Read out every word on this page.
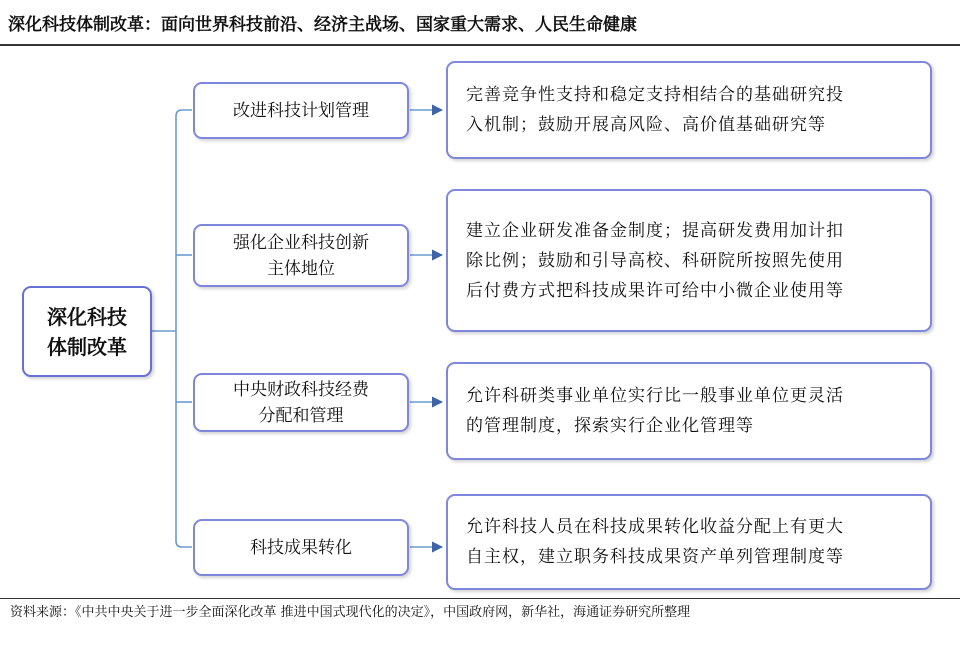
深化科技体制改革：面向世界科技前沿、经济主战场、国家重大需求、人民生命健康
深化科技
体制改革
改进科技计划管理
强化企业科技创新
主体地位
中央财政科技经费
分配和管理
科技成果转化
完善竞争性支持和稳定支持相结合的基础研究投
入机制；鼓励开展高风险、高价值基础研究等
建立企业研发准备金制度；提高研发费用加计扣
除比例；鼓励和引导高校、科研院所按照先使用
后付费方式把科技成果许可给中小微企业使用等
允许科研类事业单位实行比一般事业单位更灵活
的管理制度，探索实行企业化管理等
允许科技人员在科技成果转化收益分配上有更大
自主权，建立职务科技成果资产单列管理制度等
资料来源：《中共中央关于进一步全面深化改革 推进中国式现代化的决定》，中国政府网，新华社，海通证券研究所整理
